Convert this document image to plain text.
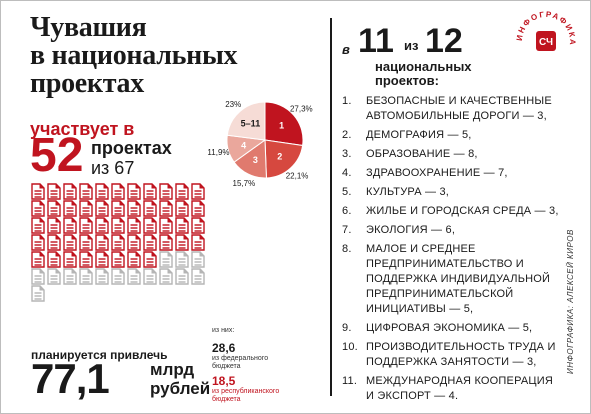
Чувашия
в национальных
проектах
участвует в
52 проектах
из 67
1
27,3%
2
22,1%
3
15,7%
4
11,9%
5–11
23%
планируется привлечь
77,1 млрд
рублей
из них:
28,6
из федерального
бюджета
18,5
из республиканского
бюджета
в 11 из 12
национальных
проектов:
ИНФОГРАФИКА
СЧ
1.	БЕЗОПАСНЫЕ И КАЧЕСТВЕННЫЕ АВТОМОБИЛЬНЫЕ ДОРОГИ — 3,
2.	ДЕМОГРАФИЯ — 5,
3.	ОБРАЗОВАНИЕ — 8,
4.	ЗДРАВООХРАНЕНИЕ — 7,
5.	КУЛЬТУРА — 3,
6.	ЖИЛЬЕ И ГОРОДСКАЯ СРЕДА — 3,
7.	ЭКОЛОГИЯ — 6,
8.	МАЛОЕ И СРЕДНЕЕ ПРЕДПРИНИМАТЕЛЬСТВО И ПОДДЕРЖКА ИНДИВИДУАЛЬНОЙ ПРЕДПРИНИМАТЕЛЬСКОЙ ИНИЦИАТИВЫ — 5,
9.	ЦИФРОВАЯ ЭКОНОМИКА — 5,
10. ПРОИЗВОДИТЕЛЬНОСТЬ ТРУДА И ПОДДЕРЖКА ЗАНЯТОСТИ — 3,
11. МЕЖДУНАРОДНАЯ КООПЕРАЦИЯ И ЭКСПОРТ — 4.
ИНФОГРАФИКА: АЛЕКСЕЙ КИРОВ
